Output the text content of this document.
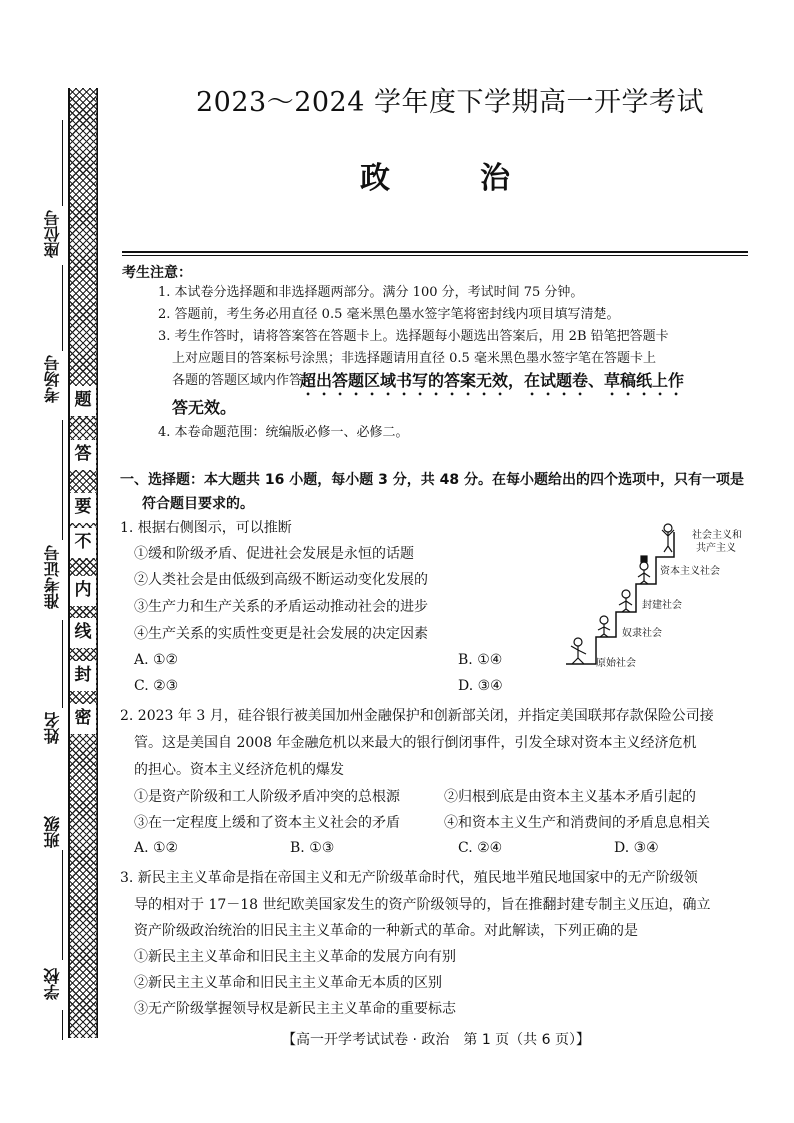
题
答
要
不
内
线
封
密
座位号
考场号
准考证号
姓名
班级
学校
2023～2024 学年度下学期高一开学考试
政　治
考生注意：
1. 本试卷分选择题和非选择题两部分。满分 100 分，考试时间 75 分钟。
2. 答题前，考生务必用直径 0.5 毫米黑色墨水签字笔将密封线内项目填写清楚。
3. 考生作答时，请将答案答在答题卡上。选择题每小题选出答案后，用 2B 铅笔把答题卡
上对应题目的答案标号涂黑；非选择题请用直径 0.5 毫米黑色墨水签字笔在答题卡上
各题的答题区域内作答，
超出答题区域书写的答案无效，在试题卷、草稿纸上作
答无效。
4. 本卷命题范围：统编版必修一、必修二。
一、选择题：本大题共 16 小题，每小题 3 分，共 48 分。在每小题给出的四个选项中，只有一项是
符合题目要求的。
1. 根据右侧图示，可以推断
①缓和阶级矛盾、促进社会发展是永恒的话题
②人类社会是由低级到高级不断运动变化发展的
③生产力和生产关系的矛盾运动推动社会的进步
④生产关系的实质性变更是社会发展的决定因素
A. ①②	B. ①④
C. ②③	D. ③④
社会主义和
共产主义
资本主义社会
封建社会
奴隶社会
原始社会
2. 2023 年 3 月，硅谷银行被美国加州金融保护和创新部关闭，并指定美国联邦存款保险公司接
管。这是美国自 2008 年金融危机以来最大的银行倒闭事件，引发全球对资本主义经济危机
的担心。资本主义经济危机的爆发
①是资产阶级和工人阶级矛盾冲突的总根源	②归根到底是由资本主义基本矛盾引起的
③在一定程度上缓和了资本主义社会的矛盾	④和资本主义生产和消费间的矛盾息息相关
A. ①②	B. ①③	C. ②④	D. ③④
3. 新民主主义革命是指在帝国主义和无产阶级革命时代，殖民地半殖民地国家中的无产阶级领
导的相对于 17－18 世纪欧美国家发生的资产阶级领导的，旨在推翻封建专制主义压迫，确立
资产阶级政治统治的旧民主主义革命的一种新式的革命。对此解读，下列正确的是
①新民主主义革命和旧民主主义革命的发展方向有别
②新民主主义革命和旧民主主义革命无本质的区别
③无产阶级掌握领导权是新民主主义革命的重要标志
【高一开学考试试卷 · 政治　第 1 页（共 6 页）】
